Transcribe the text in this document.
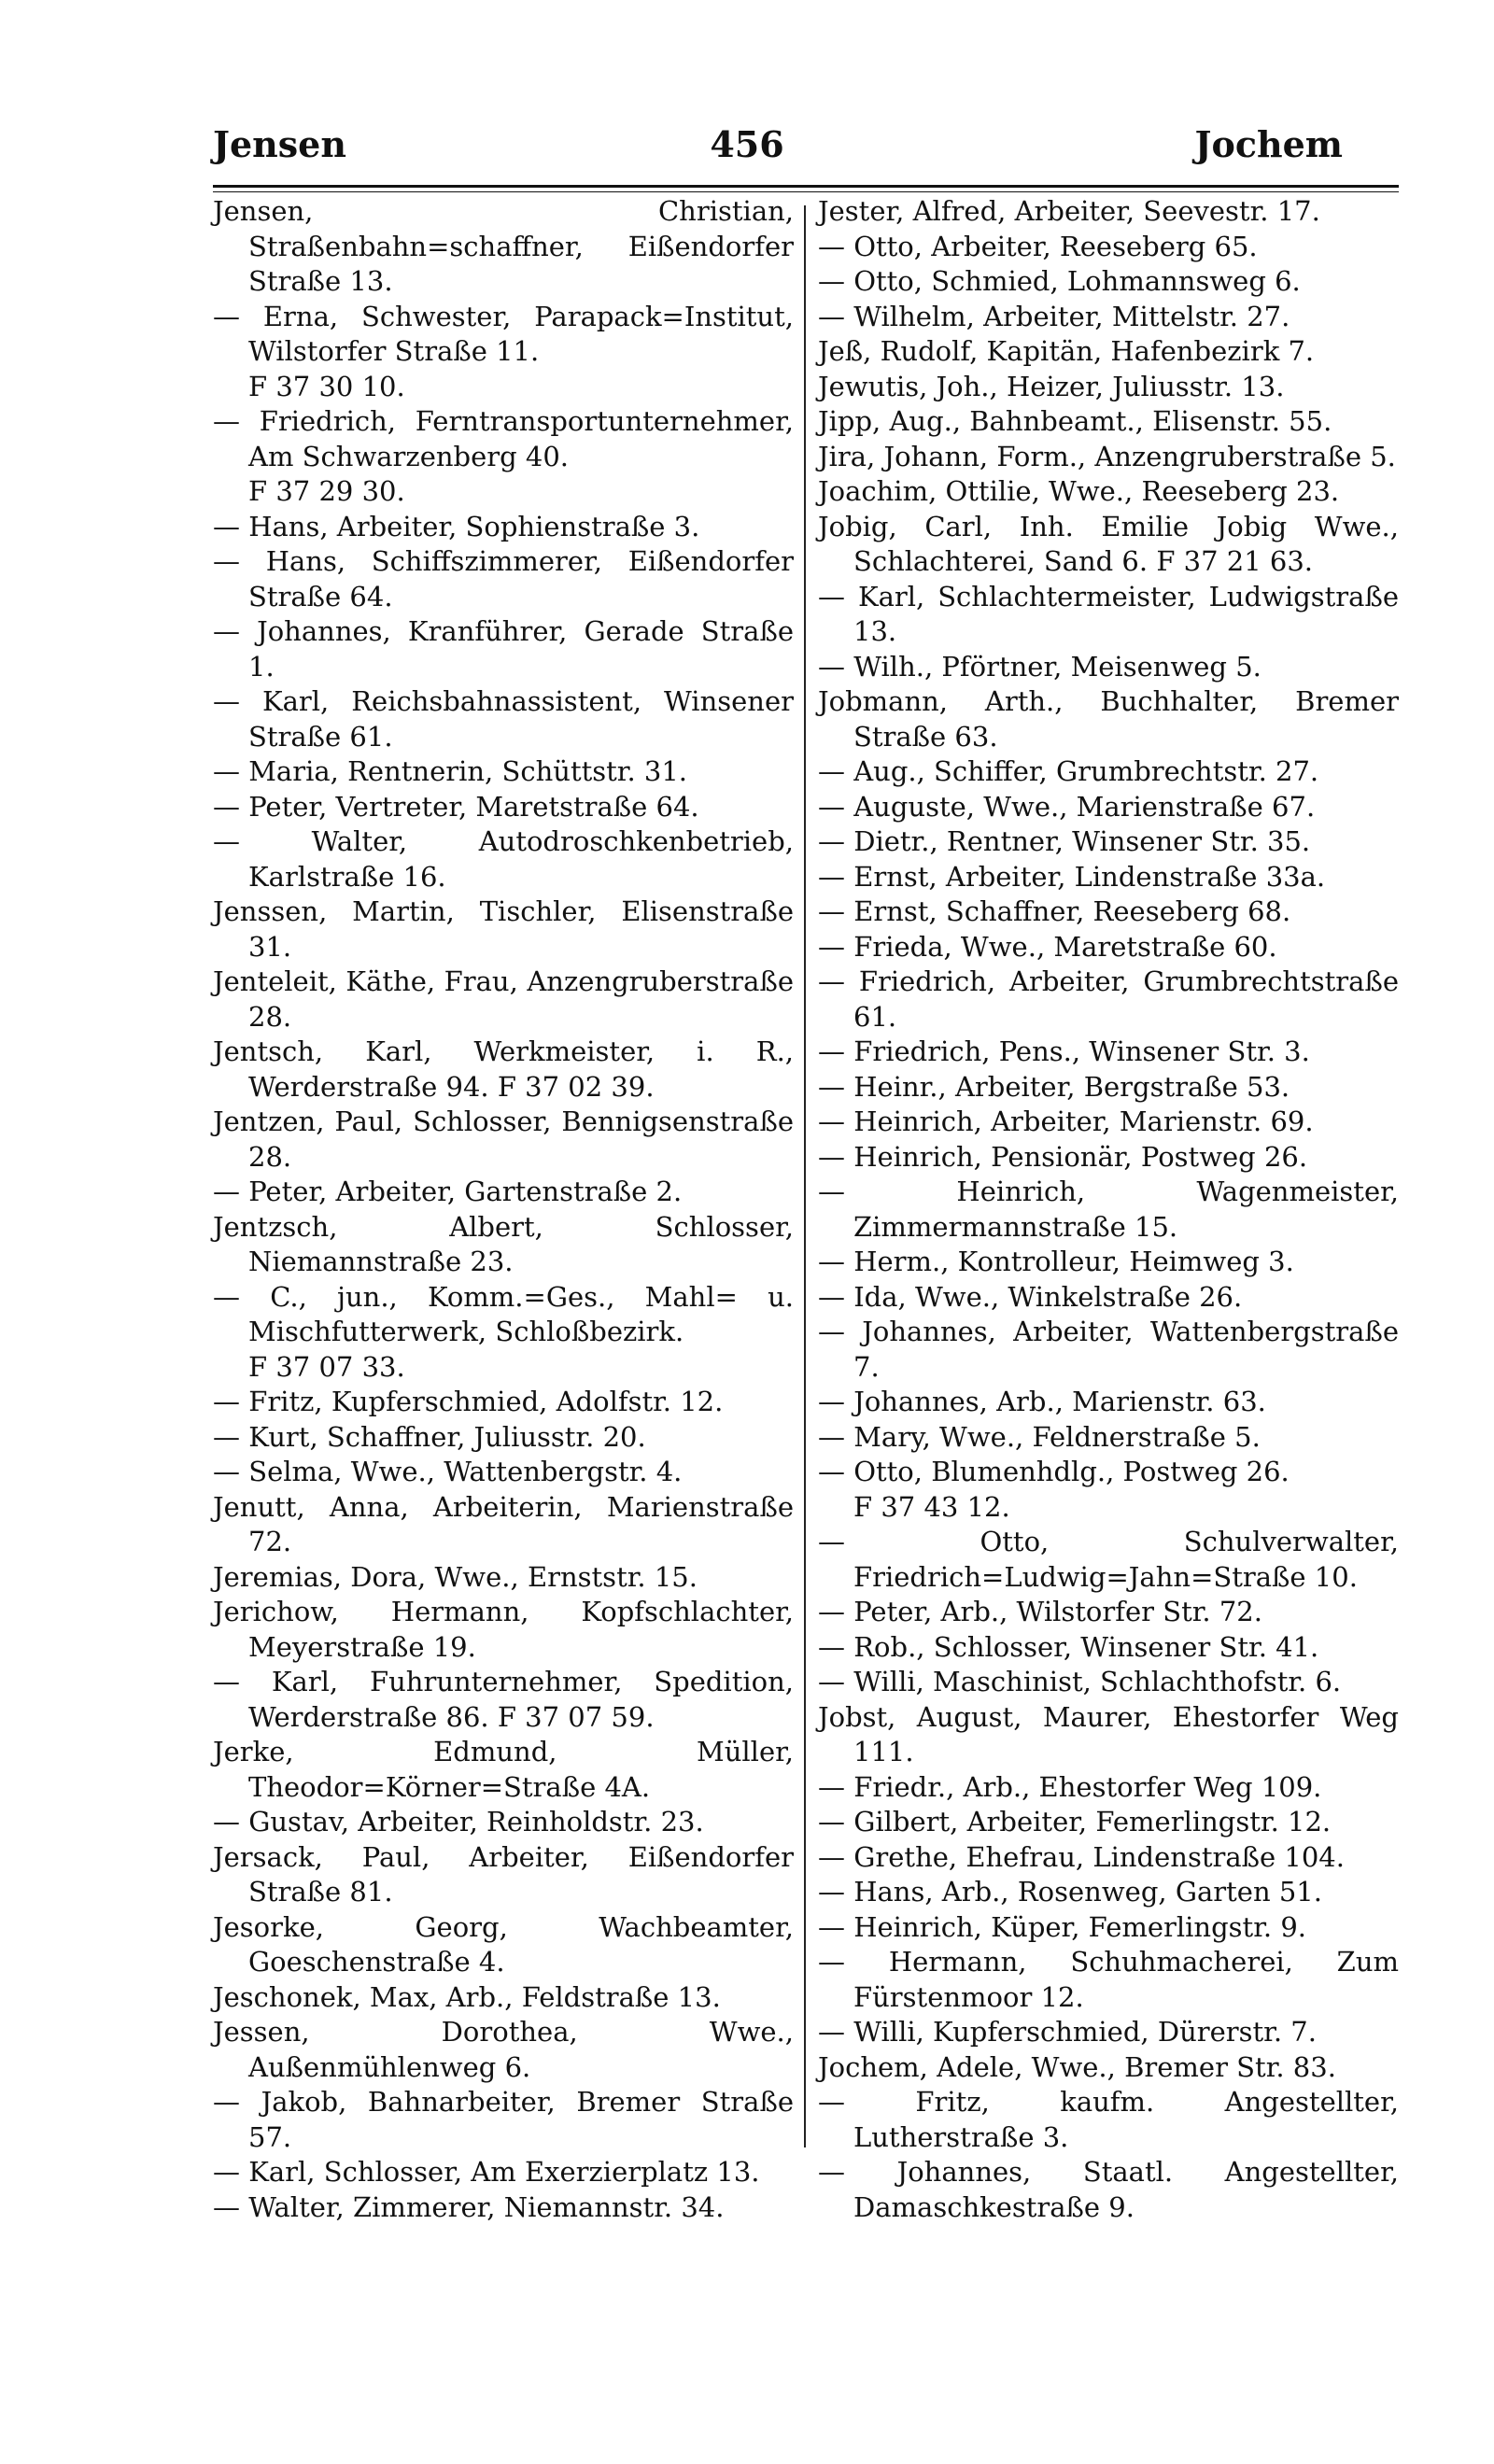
Jensen	456	Jochem
Jensen, Christian, Straßenbahn=schaffner, Eißendorfer Straße 13.
— Erna, Schwester, Parapack=Institut, Wilstorfer Straße 11.
F 37 30 10.
— Friedrich, Ferntransportunternehmer, Am Schwarzenberg 40.
F 37 29 30.
— Hans, Arbeiter, Sophienstraße 3.
— Hans, Schiffszimmerer, Eißendorfer Straße 64.
— Johannes, Kranführer, Gerade Straße 1.
— Karl, Reichsbahnassistent, Winsener Straße 61.
— Maria, Rentnerin, Schüttstr. 31.
— Peter, Vertreter, Maretstraße 64.
— Walter, Autodroschkenbetrieb, Karlstraße 16.
Jenssen, Martin, Tischler, Elisenstraße 31.
Jenteleit, Käthe, Frau, Anzengruberstraße 28.
Jentsch, Karl, Werkmeister, i. R., Werderstraße 94. F 37 02 39.
Jentzen, Paul, Schlosser, Bennigsenstraße 28.
— Peter, Arbeiter, Gartenstraße 2.
Jentzsch, Albert, Schlosser, Niemannstraße 23.
— C., jun., Komm.=Ges., Mahl= u. Mischfutterwerk, Schloßbezirk.
F 37 07 33.
— Fritz, Kupferschmied, Adolfstr. 12.
— Kurt, Schaffner, Juliusstr. 20.
— Selma, Wwe., Wattenbergstr. 4.
Jenutt, Anna, Arbeiterin, Marienstraße 72.
Jeremias, Dora, Wwe., Ernststr. 15.
Jerichow, Hermann, Kopfschlachter, Meyerstraße 19.
— Karl, Fuhrunternehmer, Spedition, Werderstraße 86. F 37 07 59.
Jerke, Edmund, Müller, Theodor=Körner=Straße 4A.
— Gustav, Arbeiter, Reinholdstr. 23.
Jersack, Paul, Arbeiter, Eißendorfer Straße 81.
Jesorke, Georg, Wachbeamter, Goeschenstraße 4.
Jeschonek, Max, Arb., Feldstraße 13.
Jessen, Dorothea, Wwe., Außenmühlenweg 6.
— Jakob, Bahnarbeiter, Bremer Straße 57.
— Karl, Schlosser, Am Exerzierplatz 13.
— Walter, Zimmerer, Niemannstr. 34.
Jester, Alfred, Arbeiter, Seevestr. 17.
— Otto, Arbeiter, Reeseberg 65.
— Otto, Schmied, Lohmannsweg 6.
— Wilhelm, Arbeiter, Mittelstr. 27.
Jeß, Rudolf, Kapitän, Hafenbezirk 7.
Jewutis, Joh., Heizer, Juliusstr. 13.
Jipp, Aug., Bahnbeamt., Elisenstr. 55.
Jira, Johann, Form., Anzengruberstraße 5.
Joachim, Ottilie, Wwe., Reeseberg 23.
Jobig, Carl, Inh. Emilie Jobig Wwe., Schlachterei, Sand 6. F 37 21 63.
— Karl, Schlachtermeister, Ludwigstraße 13.
— Wilh., Pförtner, Meisenweg 5.
Jobmann, Arth., Buchhalter, Bremer Straße 63.
— Aug., Schiffer, Grumbrechtstr. 27.
— Auguste, Wwe., Marienstraße 67.
— Dietr., Rentner, Winsener Str. 35.
— Ernst, Arbeiter, Lindenstraße 33a.
— Ernst, Schaffner, Reeseberg 68.
— Frieda, Wwe., Maretstraße 60.
— Friedrich, Arbeiter, Grumbrechtstraße 61.
— Friedrich, Pens., Winsener Str. 3.
— Heinr., Arbeiter, Bergstraße 53.
— Heinrich, Arbeiter, Marienstr. 69.
— Heinrich, Pensionär, Postweg 26.
— Heinrich, Wagenmeister, Zimmermannstraße 15.
— Herm., Kontrolleur, Heimweg 3.
— Ida, Wwe., Winkelstraße 26.
— Johannes, Arbeiter, Wattenbergstraße 7.
— Johannes, Arb., Marienstr. 63.
— Mary, Wwe., Feldnerstraße 5.
— Otto, Blumenhdlg., Postweg 26.
F 37 43 12.
— Otto, Schulverwalter, Friedrich=Ludwig=Jahn=Straße 10.
— Peter, Arb., Wilstorfer Str. 72.
— Rob., Schlosser, Winsener Str. 41.
— Willi, Maschinist, Schlachthofstr. 6.
Jobst, August, Maurer, Ehestorfer Weg 111.
— Friedr., Arb., Ehestorfer Weg 109.
— Gilbert, Arbeiter, Femerlingstr. 12.
— Grethe, Ehefrau, Lindenstraße 104.
— Hans, Arb., Rosenweg, Garten 51.
— Heinrich, Küper, Femerlingstr. 9.
— Hermann, Schuhmacherei, Zum Fürstenmoor 12.
— Willi, Kupferschmied, Dürerstr. 7.
Jochem, Adele, Wwe., Bremer Str. 83.
— Fritz, kaufm. Angestellter, Lutherstraße 3.
— Johannes, Staatl. Angestellter, Damaschkestraße 9.
